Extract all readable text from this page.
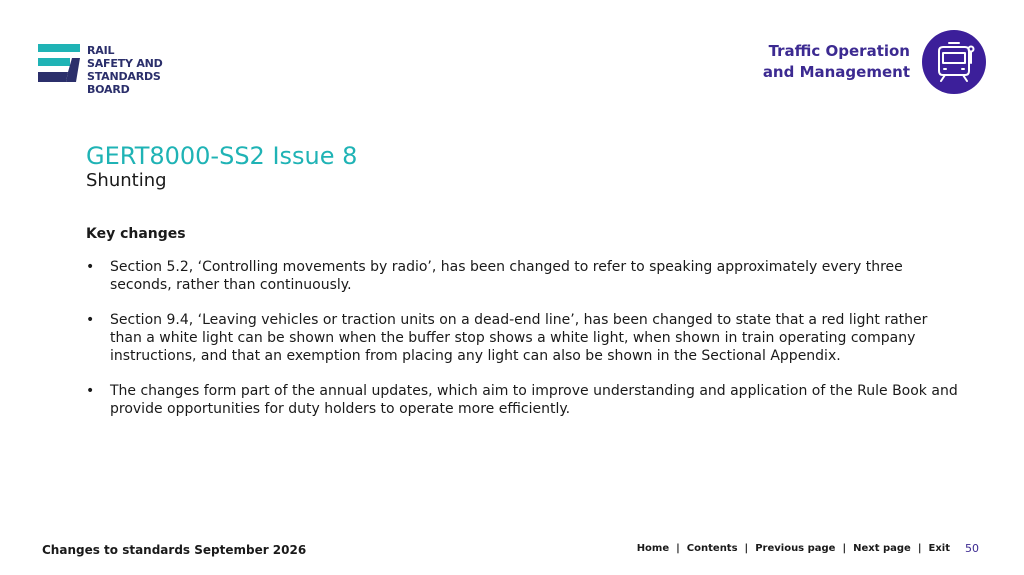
RAIL
SAFETY AND
STANDARDS
BOARD
Traffic Operation
and Management
GERT8000-SS2 Issue 8
Shunting
Key changes
• Section 5.2, ‘Controlling movements by radio’, has been changed to refer to speaking approximately every three seconds, rather than continuously.
• Section 9.4, ‘Leaving vehicles or traction units on a dead-end line’, has been changed to state that a red light rather than a white light can be shown when the buffer stop shows a white light, when shown in train operating company instructions, and that an exemption from placing any light can also be shown in the Sectional Appendix.
• The changes form part of the annual updates, which aim to improve understanding and application of the Rule Book and provide opportunities for duty holders to operate more efficiently.
Changes to standards September 2026	Home | Contents | Previous page | Next page | Exit 50
